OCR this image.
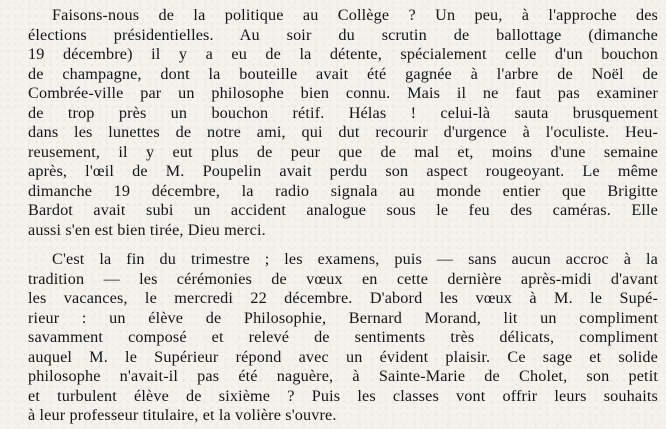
Faisons-nous de la politique au Collège ? Un peu, à l'approche des
élections présidentielles. Au soir du scrutin de ballottage (dimanche
19 décembre) il y a eu de la détente, spécialement celle d'un bouchon
de champagne, dont la bouteille avait été gagnée à l'arbre de Noël de
Combrée-ville par un philosophe bien connu. Mais il ne faut pas examiner
de trop près un bouchon rétif. Hélas ! celui-là sauta brusquement
dans les lunettes de notre ami, qui dut recourir d'urgence à l'oculiste. Heu-
reusement, il y eut plus de peur que de mal et, moins d'une semaine
après, l'œil de M. Poupelin avait perdu son aspect rougeoyant. Le même
dimanche 19 décembre, la radio signala au monde entier que Brigitte
Bardot avait subi un accident analogue sous le feu des caméras. Elle
aussi s'en est bien tirée, Dieu merci.
C'est la fin du trimestre ; les examens, puis — sans aucun accroc à la
tradition — les cérémonies de vœux en cette dernière après-midi d'avant
les vacances, le mercredi 22 décembre. D'abord les vœux à M. le Supé-
rieur : un élève de Philosophie, Bernard Morand, lit un compliment
savamment composé et relevé de sentiments très délicats, compliment
auquel M. le Supérieur répond avec un évident plaisir. Ce sage et solide
philosophe n'avait-il pas été naguère, à Sainte-Marie de Cholet, son petit
et turbulent élève de sixième ? Puis les classes vont offrir leurs souhaits
à leur professeur titulaire, et la volière s'ouvre.
